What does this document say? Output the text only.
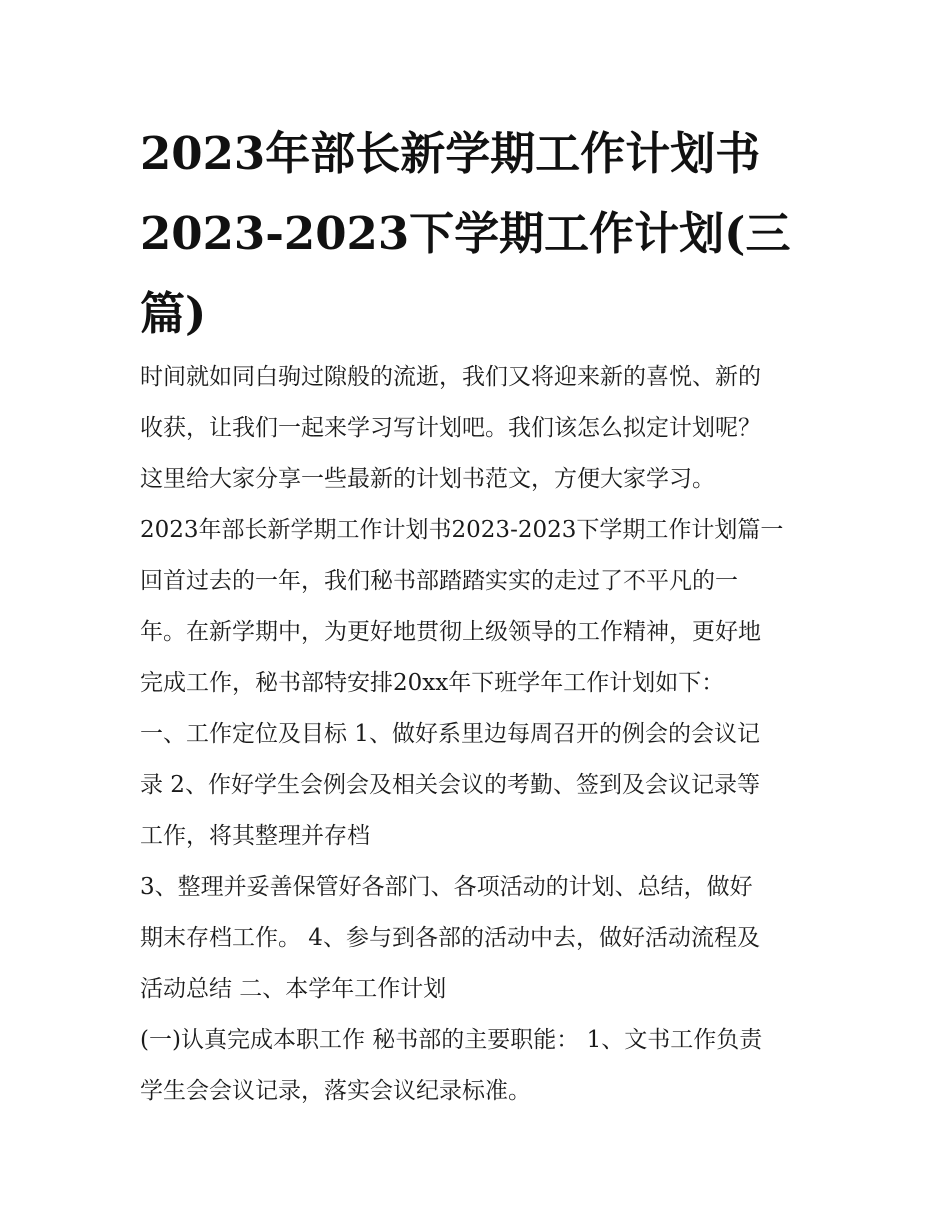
2023年部长新学期工作计划书
2023-2023下学期工作计划(三
篇)

时间就如同白驹过隙般的流逝，我们又将迎来新的喜悦、新的
收获，让我们一起来学习写计划吧。我们该怎么拟定计划呢？
这里给大家分享一些最新的计划书范文，方便大家学习。

2023年部长新学期工作计划书2023-2023下学期工作计划篇一

回首过去的一年，我们秘书部踏踏实实的走过了不平凡的一
年。在新学期中，为更好地贯彻上级领导的工作精神，更好地
完成工作，秘书部特安排20xx年下班学年工作计划如下：

一、工作定位及目标 1、做好系里边每周召开的例会的会议记
录 2、作好学生会例会及相关会议的考勤、签到及会议记录等
工作，将其整理并存档

3、整理并妥善保管好各部门、各项活动的计划、总结，做好
期末存档工作。 4、参与到各部的活动中去，做好活动流程及
活动总结 二、本学年工作计划

(一)认真完成本职工作 秘书部的主要职能： 1、文书工作负责
学生会会议记录，落实会议纪录标准。
